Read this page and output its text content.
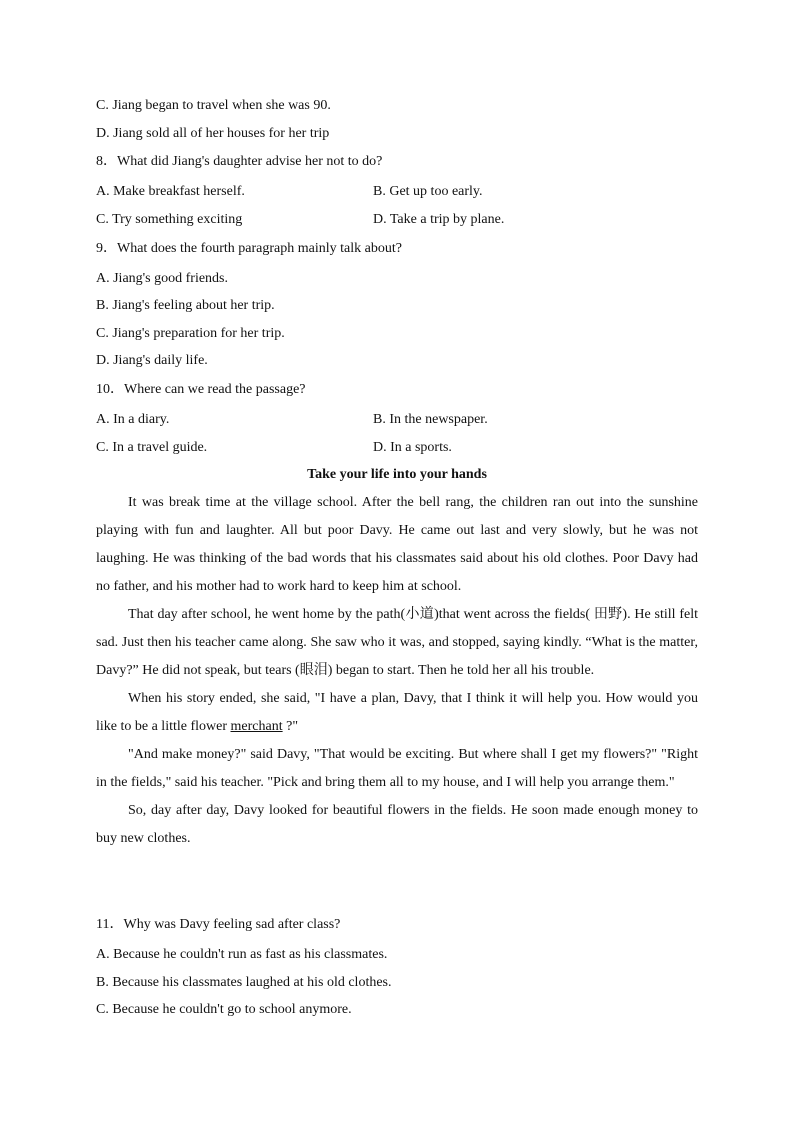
C. Jiang began to travel when she was 90.
D. Jiang sold all of her houses for her trip
8．What did Jiang's daughter advise her not to do?
A. Make breakfast herself.	B. Get up too early.
C. Try something exciting	D. Take a trip by plane.
9．What does the fourth paragraph mainly talk about?
A. Jiang's good friends.
B. Jiang's feeling about her trip.
C. Jiang's preparation for her trip.
D. Jiang's daily life.
10．Where can we read the passage?
A. In a diary.	B. In the newspaper.
C. In a travel guide.	D. In a sports.
Take your life into your hands

It was break time at the village school. After the bell rang, the children ran out into the sunshine playing with fun and laughter. All but poor Davy. He came out last and very slowly, but he was not laughing. He was thinking of the bad words that his classmates said about his old clothes. Poor Davy had no father, and his mother had to work hard to keep him at school.

That day after school, he went home by the path(小道)that went across the fields( 田野). He still felt sad. Just then his teacher came along. She saw who it was, and stopped, saying kindly. “What is the matter, Davy?” He did not speak, but tears (眼泪) began to start. Then he told her all his trouble.

When his story ended, she said, "I have a plan, Davy, that I think it will help you. How would you like to be a little flower merchant ?"

"And make money?" said Davy, "That would be exciting. But where shall I get my flowers?" "Right in the fields," said his teacher. "Pick and bring them all to my house, and I will help you arrange them."

So, day after day, Davy looked for beautiful flowers in the fields. He soon made enough money to buy new clothes.

11．Why was Davy feeling sad after class?
A. Because he couldn't run as fast as his classmates.
B. Because his classmates laughed at his old clothes.
C. Because he couldn't go to school anymore.
